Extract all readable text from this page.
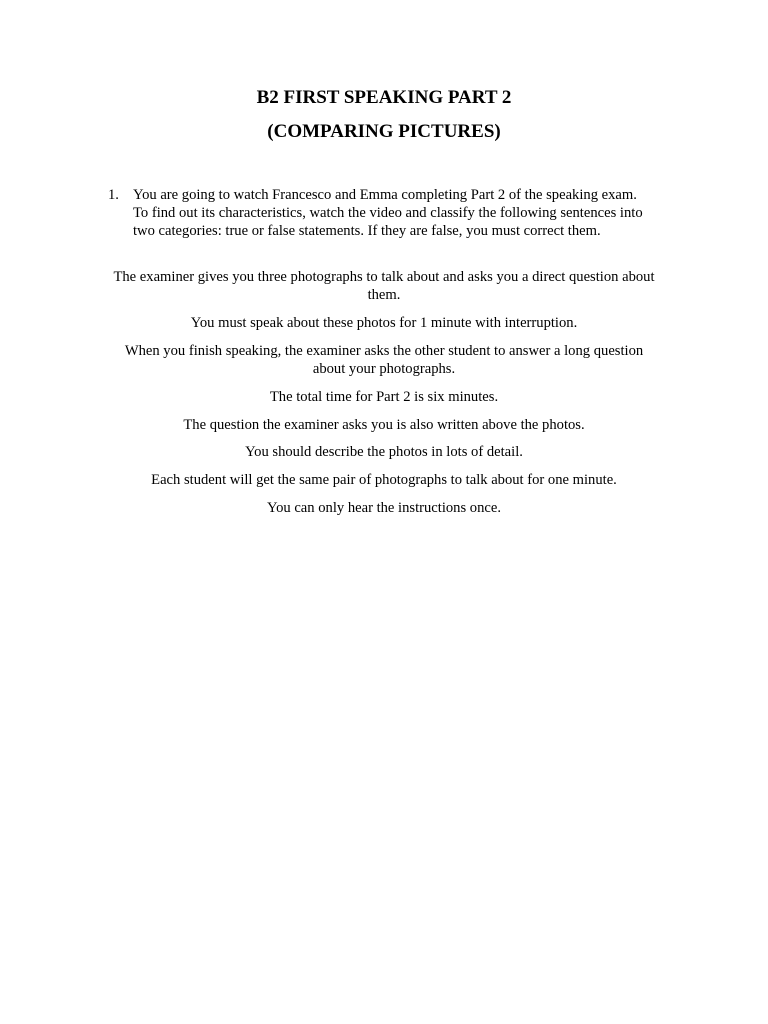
B2 FIRST SPEAKING PART 2
(COMPARING PICTURES)
1. You are going to watch Francesco and Emma completing Part 2 of the speaking exam. To find out its characteristics, watch the video and classify the following sentences into two categories: true or false statements. If they are false, you must correct them.
The examiner gives you three photographs to talk about and asks you a direct question about them.
You must speak about these photos for 1 minute with interruption.
When you finish speaking, the examiner asks the other student to answer a long question about your photographs.
The total time for Part 2 is six minutes.
The question the examiner asks you is also written above the photos.
You should describe the photos in lots of detail.
Each student will get the same pair of photographs to talk about for one minute.
You can only hear the instructions once.
